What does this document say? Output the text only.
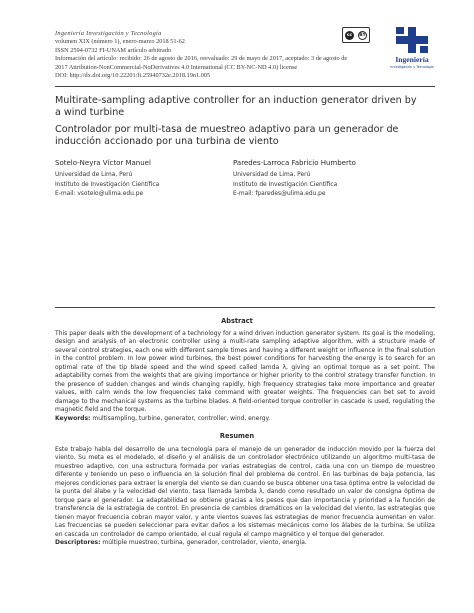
Ingeniería Investigación y Tecnología
volumen XIX (número 1), enero-marzo 2018 51-62
ISSN 2594-0732 FI-UNAM artículo arbitrado
Información del artículo: recibido: 26 de agosto de 2016, reevaluado: 29 de mayo de 2017, aceptado: 3 de agosto de 2017 Attribution-NonCommercial-NoDerivatives 4.0 International (CC BY-NC-ND 4.0) license
DOI: http://dx.doi.org/10.22201/fi.25940732e.2018.19n1.005
cc	BY
Ingeniería
Investigación y Tecnología
Multirate-sampling adaptive controller for an induction generator driven by a wind turbine
Controlador por multi-tasa de muestreo adaptivo para un generador de inducción accionado por una turbina de viento
Sotelo-Neyra Víctor Manuel
Universidad de Lima, Perú
Instituto de Investigación Científica
E-mail: vsotelo@ulima.edu.pe
Paredes-Larroca Fabricio Humberto
Universidad de Lima, Perú
Instituto de Investigación Científica
E-mail: fparedes@ulima.edu.pe
Abstract
This paper deals with the development of a technology for a wind driven induction generator system. Its goal is the modeling, design and analysis of an electronic controller using a multi-rate sampling adaptive algorithm, with a structure made of several control strategies, each one with different sample times and having a different weight or influence in the final solution in the control problem. In low power wind turbines, the best power conditions for harvesting the energy is to search for an optimal rate of the tip blade speed and the wind speed called lamda λ, giving an optimal torque as a set point. The adaptability comes from the weights that are giving importance or higher priority to the control strategy transfer function. In the presence of sudden changes and winds changing rapidly, high frequency strategies take more importance and greater values, with calm winds the low frequencies take command with greater weights. The frequencies can bet set to avoid damage to the mechanical systems as the turbine blades. A field-oriented torque controller in cascade is used, regulating the magnetic field and the torque.
Keywords: multisampling, turbine, generator, controller, wind, energy.
Resumen
Este trabajo habla del desarrollo de una tecnología para el manejo de un generador de inducción movido por la fuerza del viento. Su meta es el modelado, el diseño y el análisis de un controlador electrónico utilizando un algoritmo multi-tasa de muestreo adaptivo, con una estructura formada por varias estrategias de control, cada una con un tiempo de muestreo diferente y teniendo un peso o influencia en la solución final del problema de control. En las turbinas de baja potencia, las mejores condiciones para extraer la energía del viento se dan cuando se busca obtener una tasa óptima entre la velocidad de la punta del álabe y la velocidad del viento, tasa llamada lambda λ, dando como resultado un valor de consigna óptima de torque para el generador. La adaptabilidad se obtiene gracias a los pesos que dan importancia y prioridad a la función de transferencia de la estrategia de control. En presencia de cambios dramáticos en la velocidad del viento, las estrategias que tienen mayor frecuencia cobran mayor valor, y ante vientos suaves las estrategias de menor frecuencia aumentan en valor. Las frecuencias se pueden seleccionar para evitar daños a los sistemas mecánicos como los álabes de la turbina. Se utiliza en cascada un controlador de campo orientado, el cual regula el campo magnético y el torque del generador.
Descriptores: múltiple muestreo, turbina, generador, controlador, viento, energía.
